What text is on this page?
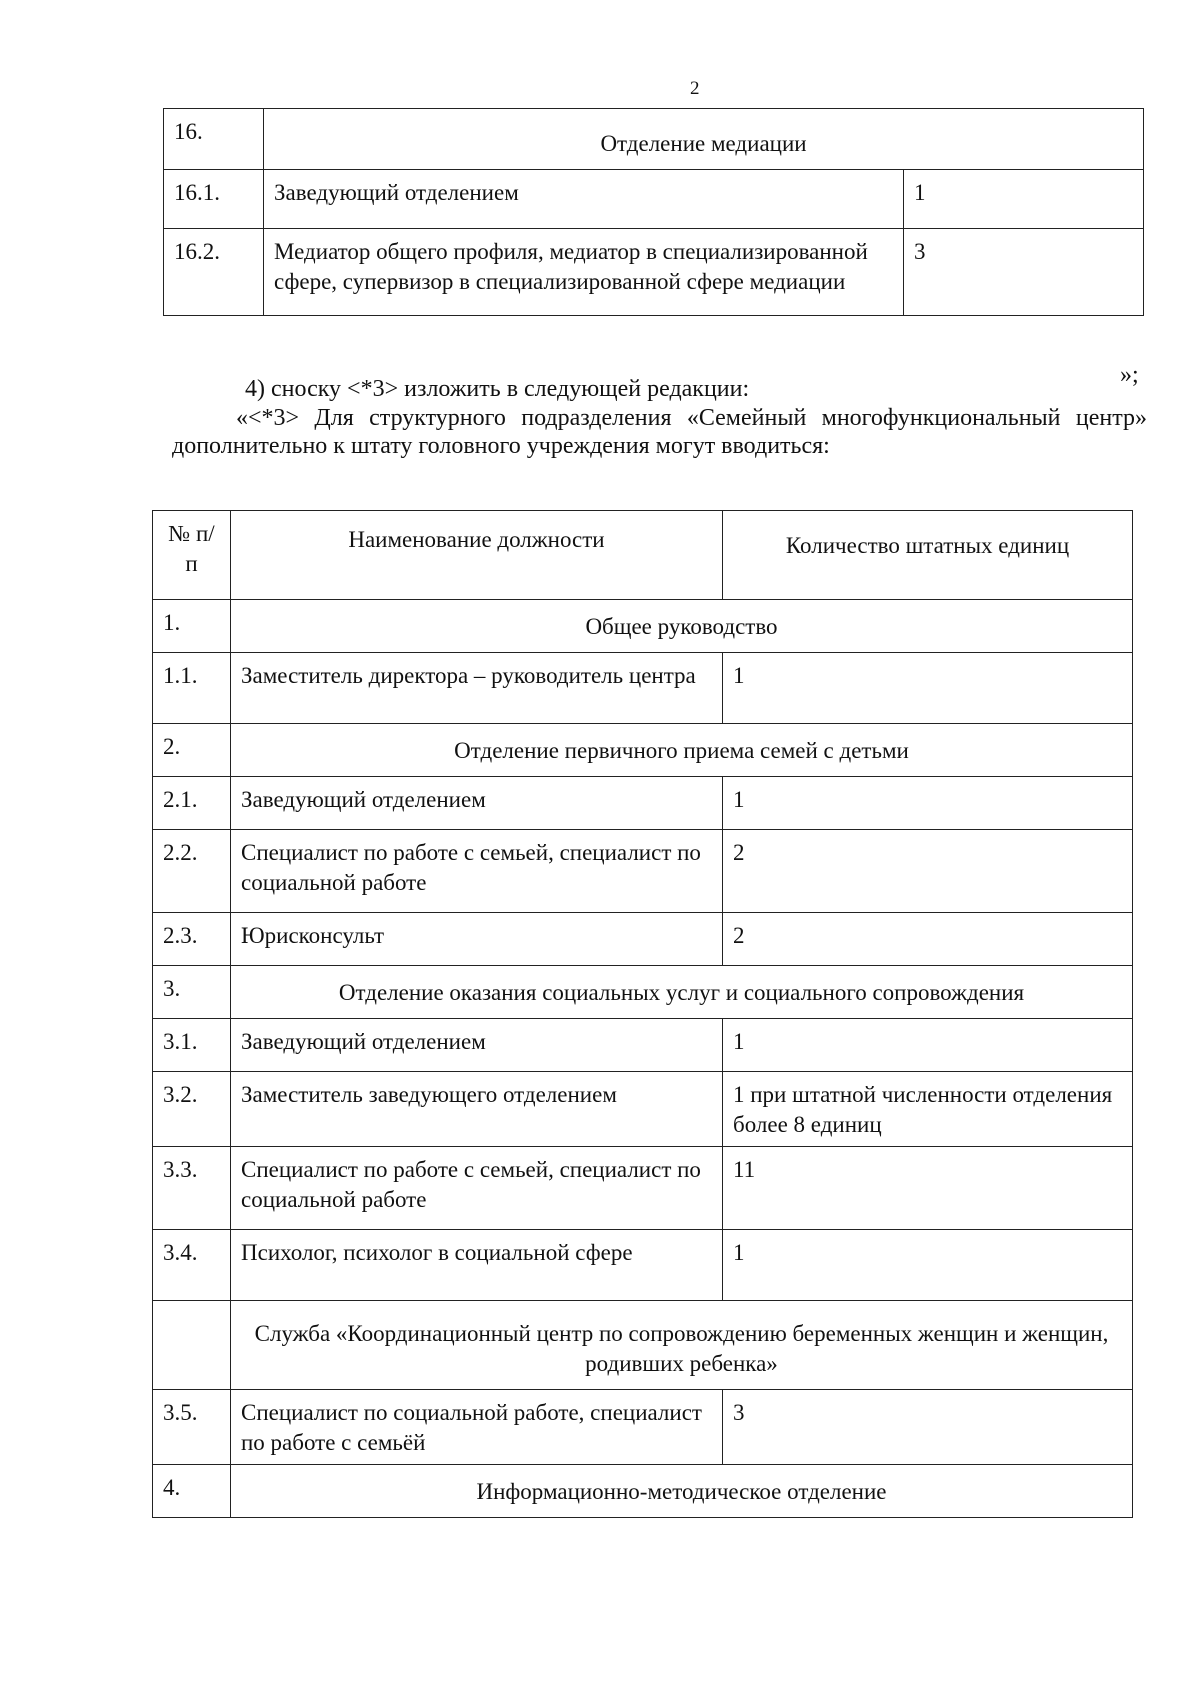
2
16.	Отделение медиации	
16.1.	Заведующий отделением	1
16.2.	Медиатор общего профиля, медиатор в специализированной сфере, супервизор в специализированной сфере медиации	3
»;
4) сноску <*3> изложить в следующей редакции:
«<*3> Для структурного подразделения «Семейный многофункциональный центр» дополнительно к штату головного учреждения могут вводиться:
№ п/п	Наименование должности	Количество штатных единиц
1.	Общее руководство	
1.1.	Заместитель директора – руководитель центра	1
2.	Отделение первичного приема семей с детьми	
2.1.	Заведующий отделением	1
2.2.	Специалист по работе с семьей, специалист по социальной работе	2
2.3.	Юрисконсульт	2
3.	Отделение оказания социальных услуг и социального сопровождения	
3.1.	Заведующий отделением	1
3.2.	Заместитель заведующего отделением	1 при штатной численности отделения более 8 единиц
3.3.	Специалист по работе с семьей, специалист по социальной работе	11
3.4.	Психолог, психолог в социальной сфере	1
	Служба «Координационный центр по сопровождению беременных женщин и женщин, родивших ребенка»	
3.5.	Специалист по социальной работе, специалист по работе с семьёй	3
4.	Информационно-методическое отделение	
